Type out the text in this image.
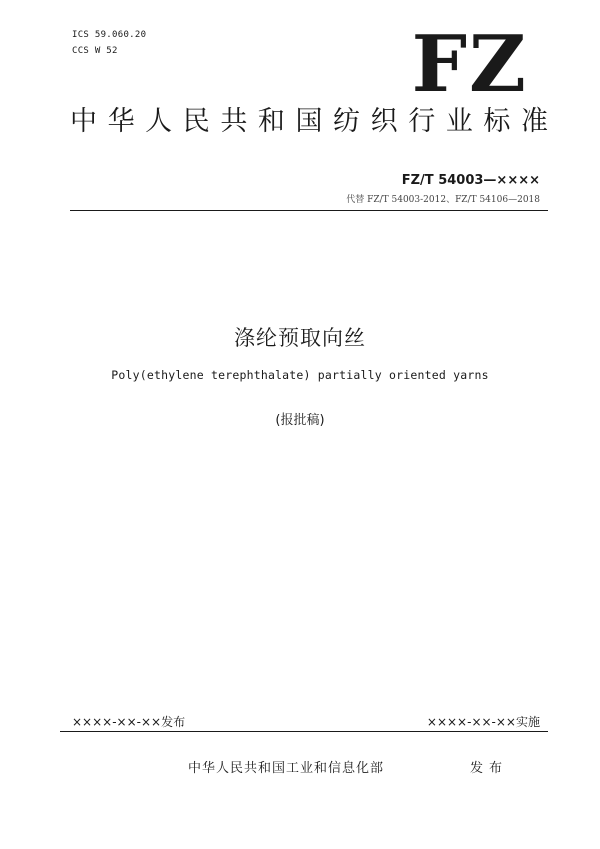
ICS 59.060.20
CCS W 52	FZ
中 华 人 民 共 和 国 纺 织 行 业 标 准
FZ/T 54003—××××
代替 FZ/T 54003-2012、FZ/T 54106—2018
涤纶预取向丝
Poly(ethylene terephthalate) partially oriented yarns
(报批稿)
××××-××-××发布	××××-××-××实施
中华人民共和国工业和信息化部	发布
